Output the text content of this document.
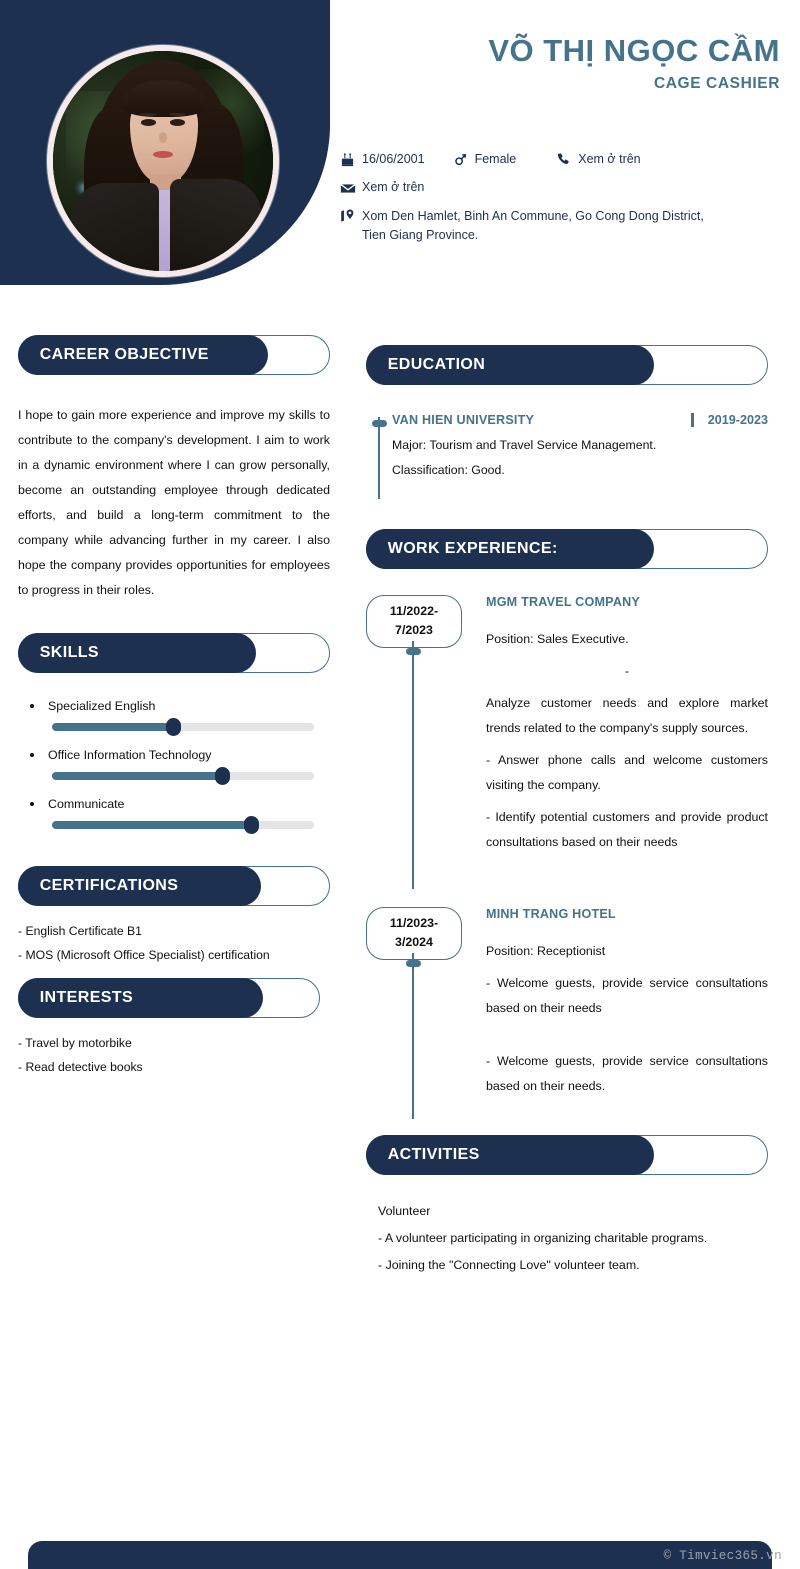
VÕ THỊ NGỌC CẦM
CAGE CASHIER
16/06/2001	Female	Xem ở trên
Xem ở trên
Xom Den Hamlet, Binh An Commune, Go Cong Dong District, Tien Giang Province.
CAREER OBJECTIVE
I hope to gain more experience and improve my skills to contribute to the company's development. I aim to work in a dynamic environment where I can grow personally, become an outstanding employee through dedicated efforts, and build a long-term commitment to the company while advancing further in my career. I also hope the company provides opportunities for employees to progress in their roles.
SKILLS
Specialized English
Office Information Technology
Communicate
CERTIFICATIONS
- English Certificate B1
- MOS (Microsoft Office Specialist) certification
INTERESTS
- Travel by motorbike
- Read detective books
EDUCATION
VAN HIEN UNIVERSITY	2019-2023
Major: Tourism and Travel Service Management.
Classification: Good.
WORK EXPERIENCE:
11/2022-
7/2023
MGM TRAVEL COMPANY
Position: Sales Executive.
-
Analyze customer needs and explore market trends related to the company's supply sources.
- Answer phone calls and welcome customers visiting the company.
- Identify potential customers and provide product consultations based on their needs
11/2023-
3/2024
MINH TRANG HOTEL
Position: Receptionist
- Welcome guests, provide service consultations based on their needs
- Welcome guests, provide service consultations based on their needs.
ACTIVITIES
Volunteer
- A volunteer participating in organizing charitable programs.
- Joining the "Connecting Love" volunteer team.
© Timviec365.vn
